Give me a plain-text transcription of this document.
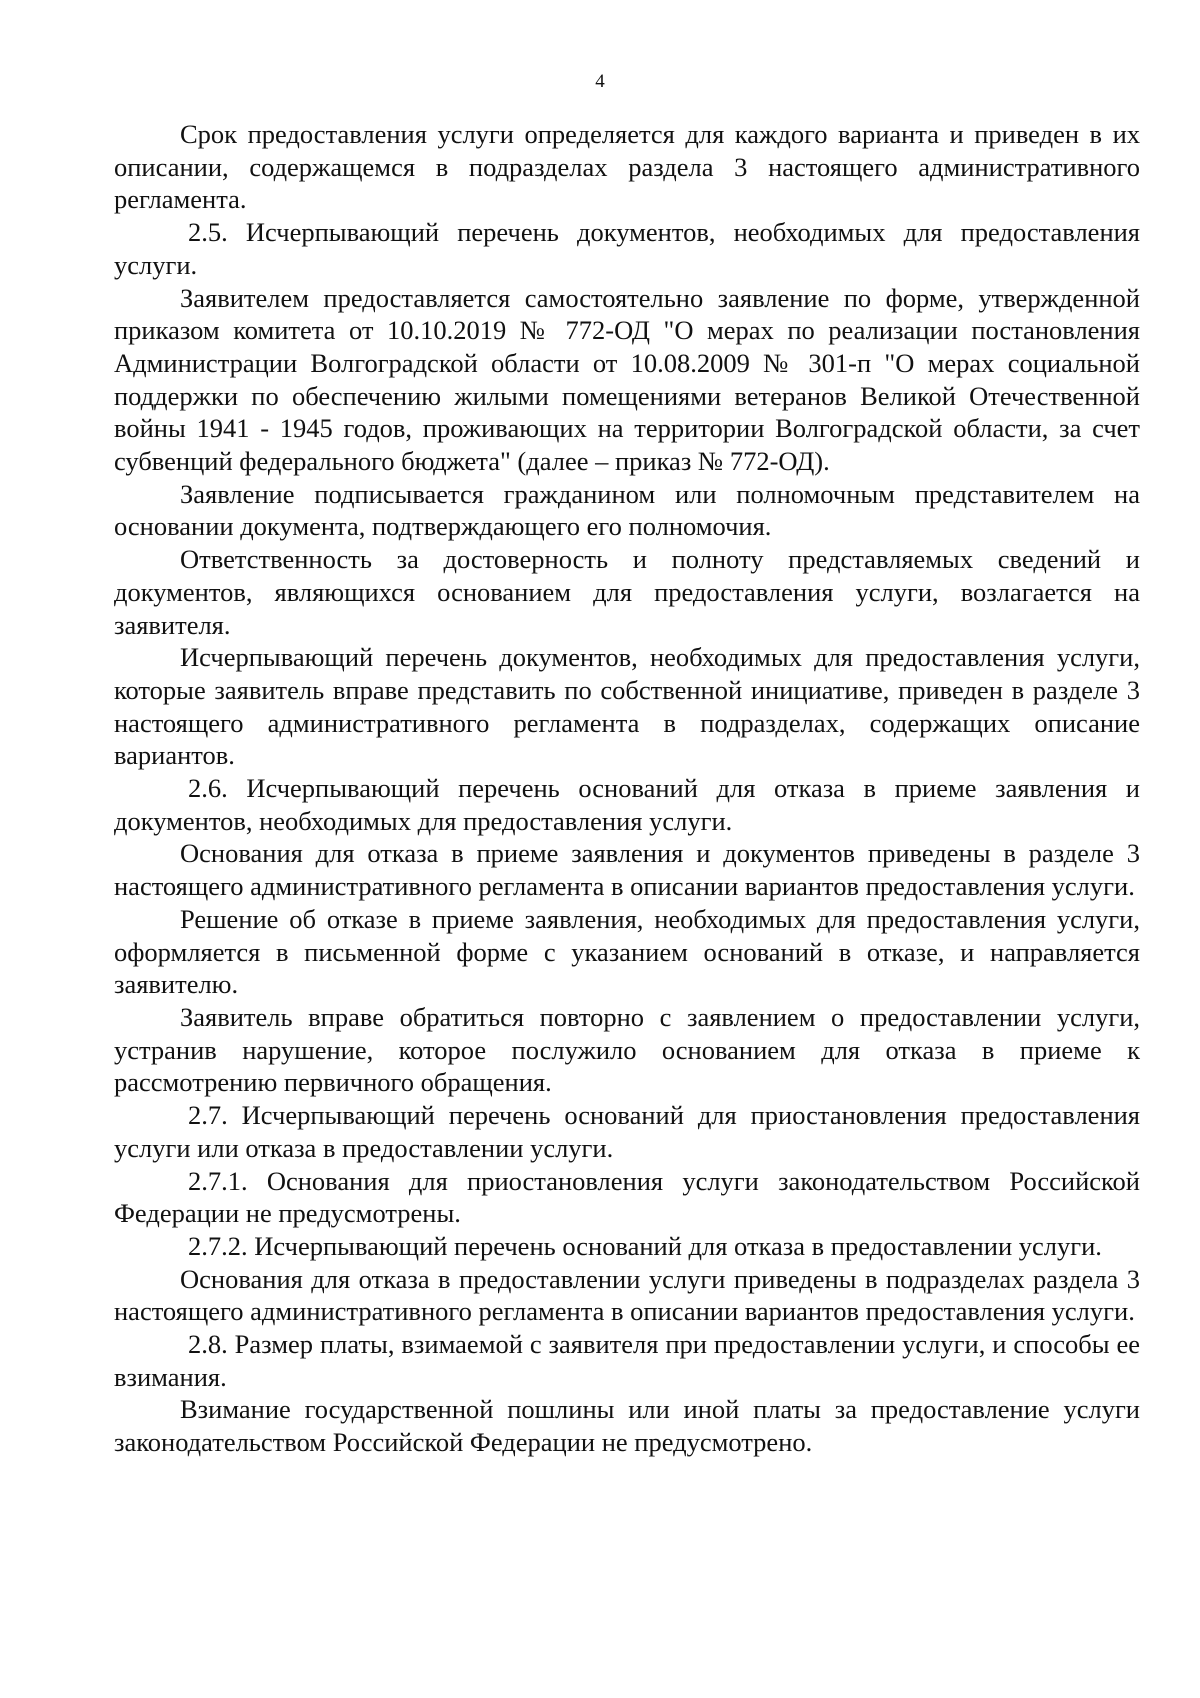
4

Срок предоставления услуги определяется для каждого варианта и приведен в их описании, содержащемся в подразделах раздела 3 настоящего административного регламента.

2.5. Исчерпывающий перечень документов, необходимых для предоставления услуги.

Заявителем предоставляется самостоятельно заявление по форме, утвержденной приказом комитета от 10.10.2019 № 772-ОД "О мерах по реализации постановления Администрации Волгоградской области от 10.08.2009 № 301-п "О мерах социальной поддержки по обеспечению жилыми помещениями ветеранов Великой Отечественной войны 1941 - 1945 годов, проживающих на территории Волгоградской области, за счет субвенций федерального бюджета" (далее – приказ № 772-ОД).

Заявление подписывается гражданином или полномочным представителем на основании документа, подтверждающего его полномочия.

Ответственность за достоверность и полноту представляемых сведений и документов, являющихся основанием для предоставления услуги, возлагается на заявителя.

Исчерпывающий перечень документов, необходимых для предоставления услуги, которые заявитель вправе представить по собственной инициативе, приведен в разделе 3 настоящего административного регламента в подразделах, содержащих описание вариантов.

2.6. Исчерпывающий перечень оснований для отказа в приеме заявления и документов, необходимых для предоставления услуги.

Основания для отказа в приеме заявления и документов приведены в разделе 3 настоящего административного регламента в описании вариантов предоставления услуги.

Решение об отказе в приеме заявления, необходимых для предоставления услуги, оформляется в письменной форме с указанием оснований в отказе, и направляется заявителю.

Заявитель вправе обратиться повторно с заявлением о предоставлении услуги, устранив нарушение, которое послужило основанием для отказа в приеме к рассмотрению первичного обращения.

2.7. Исчерпывающий перечень оснований для приостановления предоставления услуги или отказа в предоставлении услуги.

2.7.1. Основания для приостановления услуги законодательством Российской Федерации не предусмотрены.

2.7.2. Исчерпывающий перечень оснований для отказа в предоставлении услуги.

Основания для отказа в предоставлении услуги приведены в подразделах раздела 3 настоящего административного регламента в описании вариантов предоставления услуги.

2.8. Размер платы, взимаемой с заявителя при предоставлении услуги, и способы ее взимания.

Взимание государственной пошлины или иной платы за предоставление услуги законодательством Российской Федерации не предусмотрено.
